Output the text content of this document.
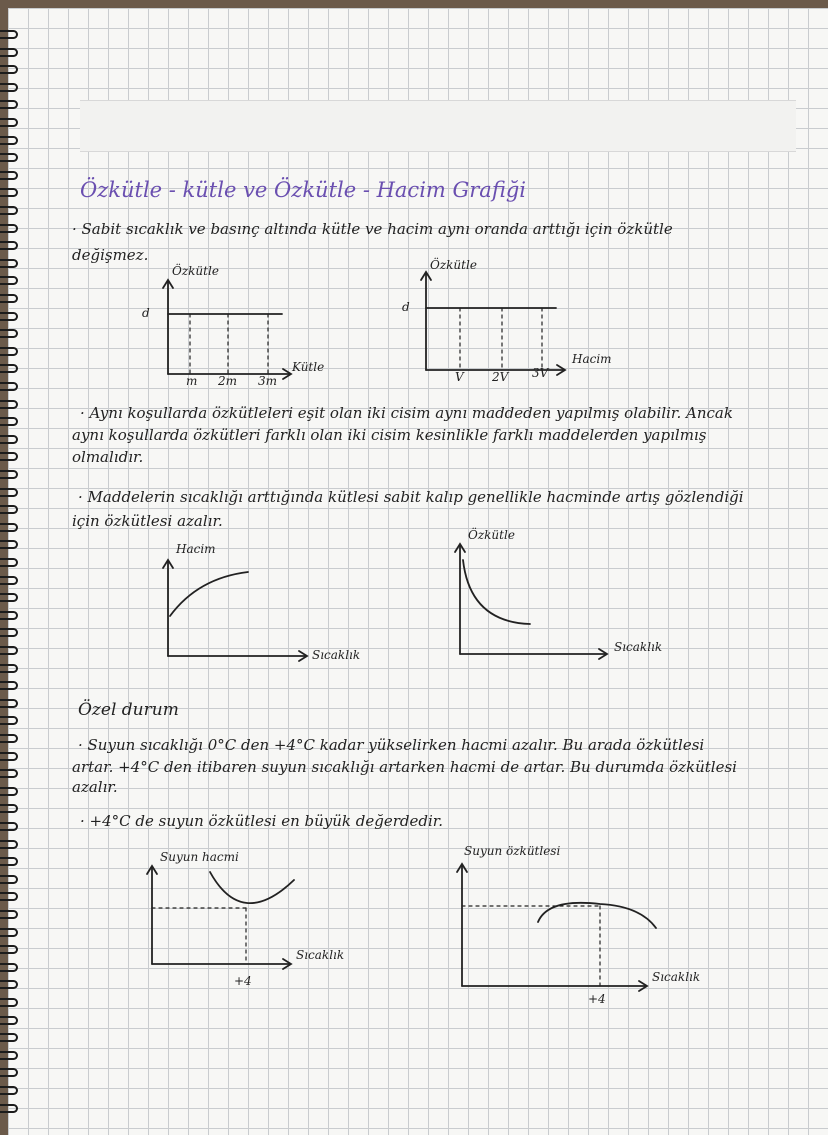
Özkütle - kütle ve Özkütle - Hacim Grafiği
· Sabit sıcaklık ve basınç altında kütle ve hacim aynı oranda arttığı için özkütle
değişmez.
· Aynı koşullarda özkütleleri eşit olan iki cisim aynı maddeden yapılmış olabilir. Ancak
aynı koşullarda özkütleri farklı olan iki cisim kesinlikle farklı maddelerden yapılmış
olmalıdır.
· Maddelerin sıcaklığı arttığında kütlesi sabit kalıp genellikle hacminde artış gözlendiği
için özkütlesi azalır.
Özel durum
· Suyun sıcaklığı 0°C den +4°C kadar yükselirken hacmi azalır. Bu arada özkütlesi
artar. +4°C den itibaren suyun sıcaklığı artarken hacmi de artar. Bu durumda özkütlesi
azalır.
· +4°C de suyun özkütlesi en büyük değerdedir.
Özkütle
Kütle
d
m 2m 3m
Özkütle
Hacim
d
V 2V 3V
Hacim
Sıcaklık
Özkütle
Sıcaklık
Suyun hacmi
Sıcaklık
+4
Suyun özkütlesi
Sıcaklık
+4
